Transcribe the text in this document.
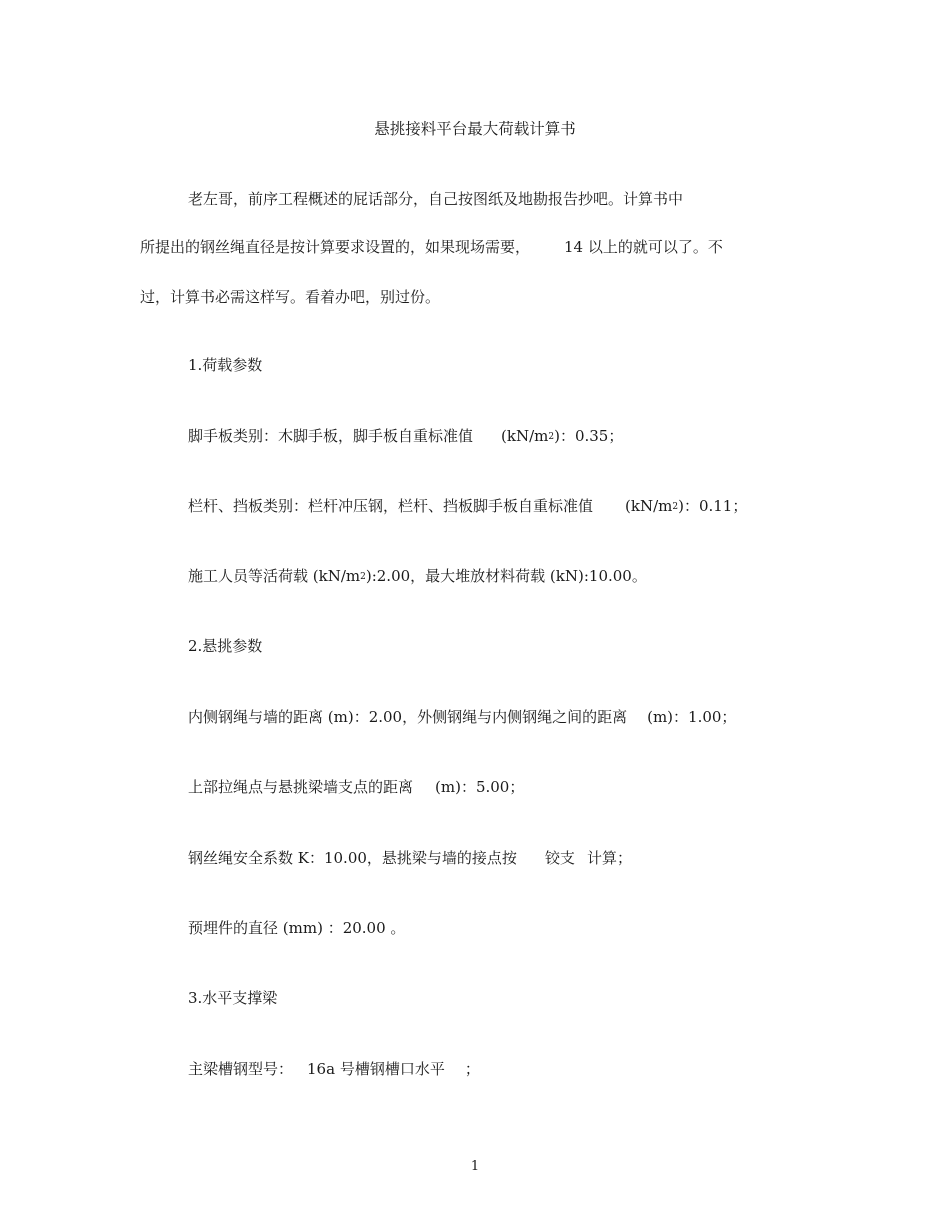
悬挑接料平台最大荷载计算书
老左哥，前序工程概述的屁话部分，自己按图纸及地勘报告抄吧。计算书中
所提出的钢丝绳直径是按计算要求设置的，如果现场需要， 14 以上的就可以了。不
过，计算书必需这样写。看着办吧，别过份。
1.荷载参数
脚手板类别：木脚手板，脚手板自重标准值 $(kN/m^2)$：0.35；
栏杆、挡板类别：栏杆冲压钢，栏杆、挡板脚手板自重标准值 $(kN/m^2)$：0.11；
施工人员等活荷载 $(kN/m^2):2.00$，最大堆放材料荷载 (kN):10.00。
2.悬挑参数
内侧钢绳与墙的距离 (m)：2.00，外侧钢绳与内侧钢绳之间的距离 (m)：1.00；
上部拉绳点与悬挑梁墙支点的距离 (m)：5.00；
钢丝绳安全系数 K：10.00，悬挑梁与墙的接点按 铰支 计算；
预埋件的直径 (mm) ：20.00 。
3.水平支撑梁
主梁槽钢型号： 16a 号槽钢槽口水平 ；
1
